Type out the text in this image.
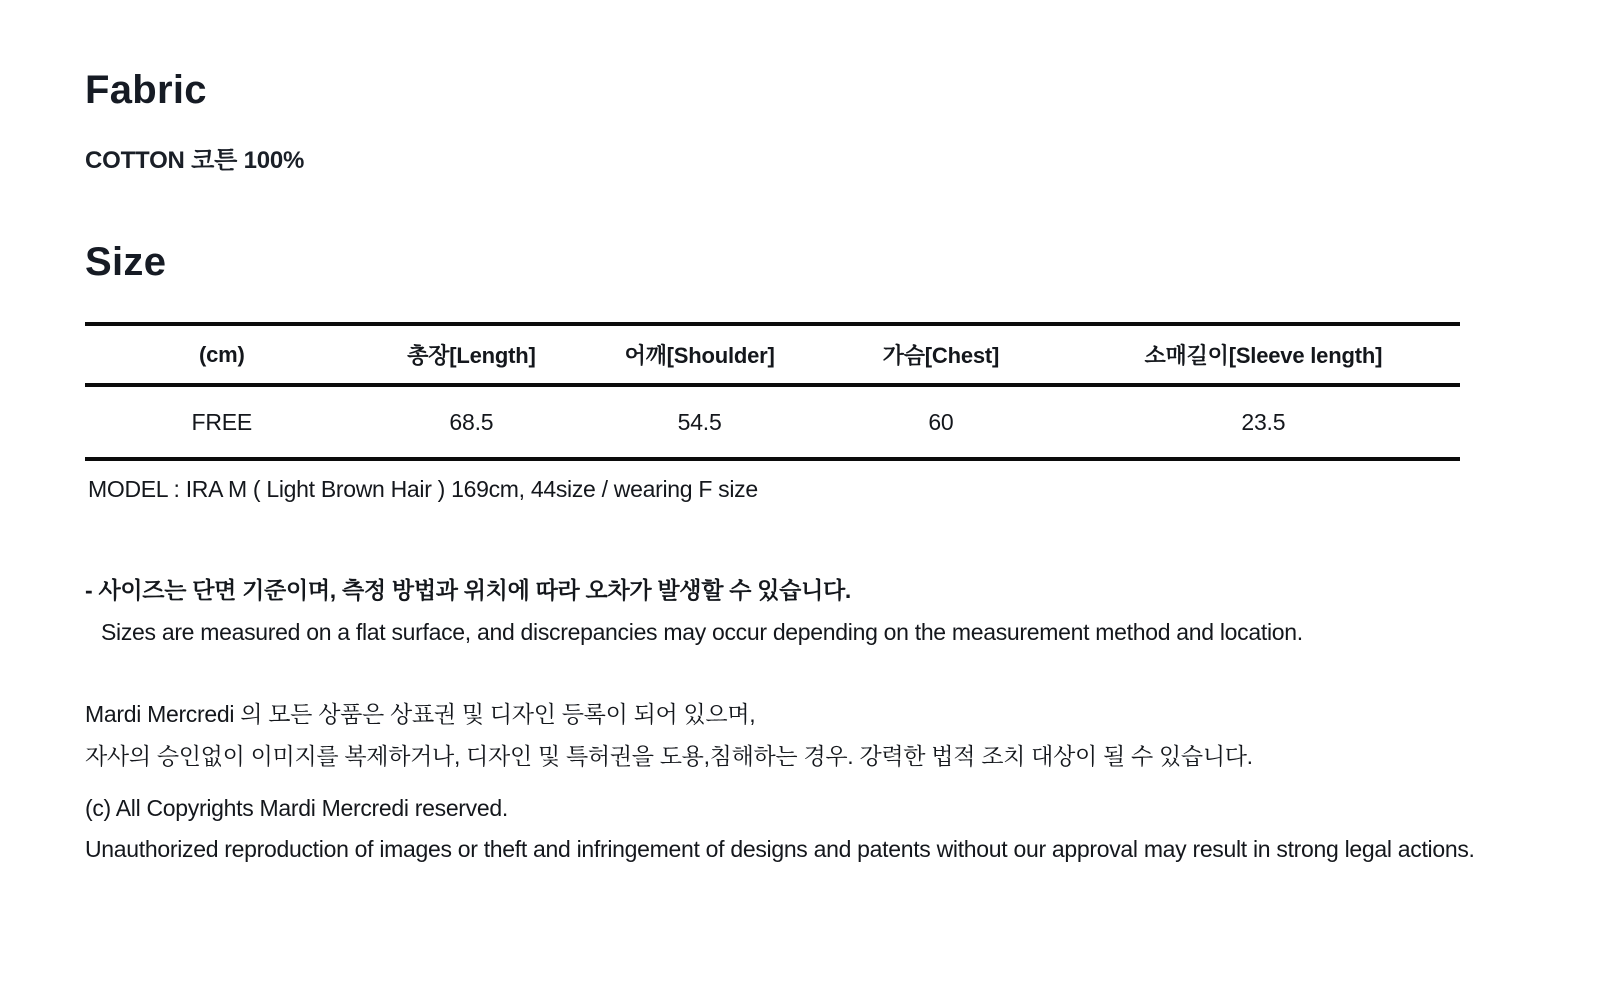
Fabric

COTTON 코튼 100%

Size
(cm)	총장[Length]	어깨[Shoulder]	가슴[Chest]	소매길이[Sleeve length]
FREE	68.5	54.5	60	23.5

MODEL : IRA M ( Light Brown Hair ) 169cm, 44size / wearing F size

- 사이즈는 단면 기준이며, 측정 방법과 위치에 따라 오차가 발생할 수 있습니다.

Sizes are measured on a flat surface, and discrepancies may occur depending on the measurement method and location.

Mardi Mercredi 의 모든 상품은 상표권 및 디자인 등록이 되어 있으며,

자사의 승인없이 이미지를 복제하거나, 디자인 및 특허권을 도용,침해하는 경우. 강력한 법적 조치 대상이 될 수 있습니다.

(c) All Copyrights Mardi Mercredi reserved.

Unauthorized reproduction of images or theft and infringement of designs and patents without our approval may result in strong legal actions.
